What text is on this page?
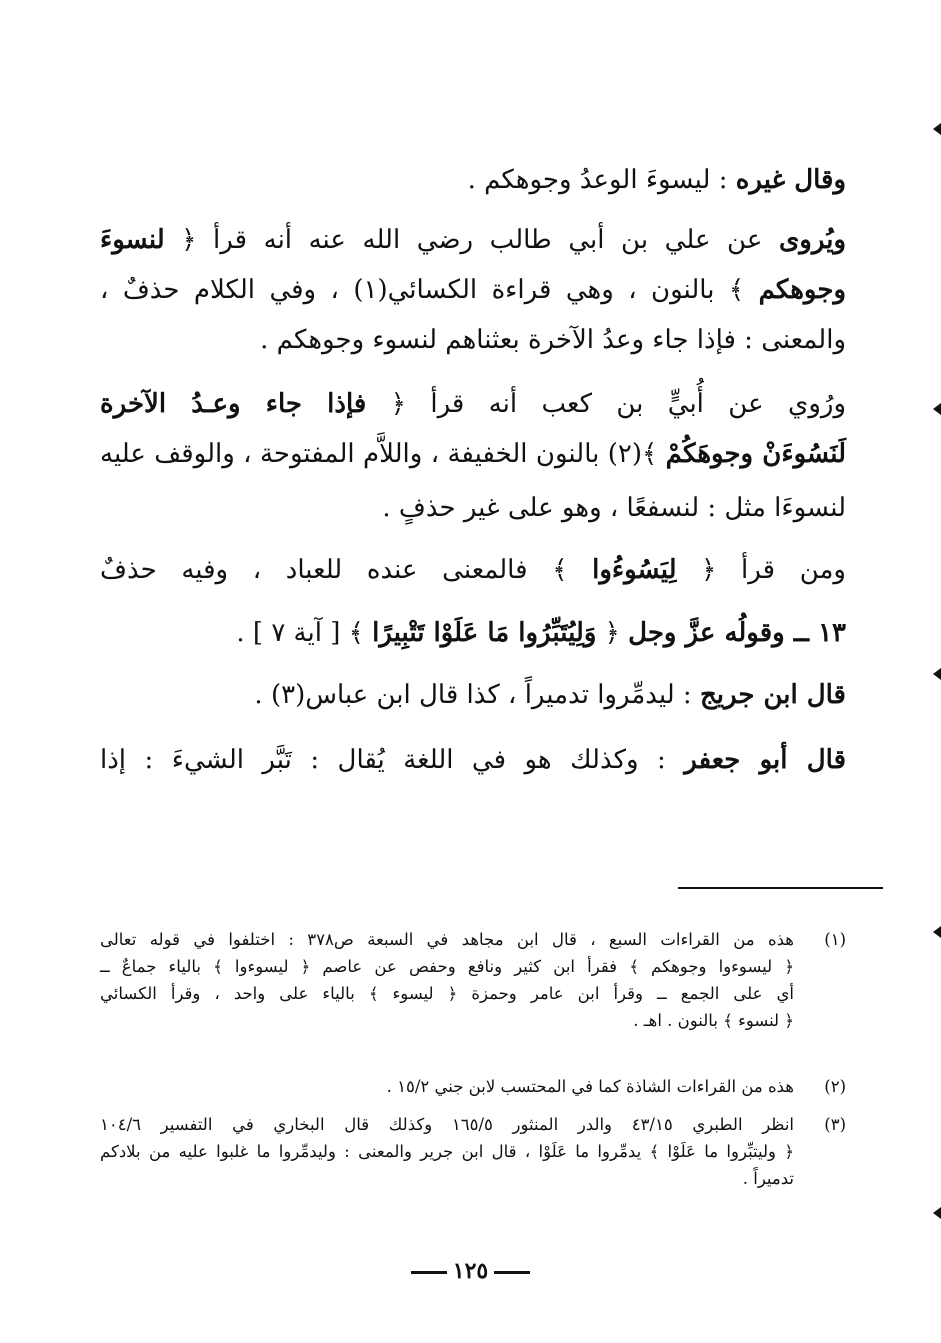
وقال غيره : ليسوءَ الوعدُ وجوهكم .
ويُروى عن علي بن أبي طالب رضي الله عنه أنه قرأ ﴿ لنسوءَ
وجوهكم ﴾ بالنون ، وهي قراءة الكسائي(١) ، وفي الكلام حذفٌ ،
والمعنى : فإذا جاء وعدُ الآخرة بعثناهم لنسوء وجوهكم .
ورُوي عن أُبيٍّ بن كعب أنه قرأ ﴿ فإذا جاء وعـدُ الآخرة
لَنَسُوءَنْ وجوهَكُمْ ﴾(٢) بالنون الخفيفة ، واللاَّم المفتوحة ، والوقف عليه
لنسوءَا مثل : لنسفعًا ، وهو على غير حذفٍ .
ومن قرأ ﴿ لِيَسُوءُوا ﴾ فالمعنى عنده للعباد ، وفيه حذفٌ
١٣ ــ وقولُه عزَّ وجل ﴿ وَلِيُتَبِّرُوا مَا عَلَوْا تَتْبِيرًا ﴾ [ آية ٧ ] .
قال ابن جريج : ليدمِّروا تدميراً ، كذا قال ابن عباس(٣) .
قال أبو جعفر : وكذلك هو في اللغة يُقال : تَبَّر الشيءَ : إذا
(١)
هذه من القراءات السبع ، قال ابن مجاهد في السبعة ص٣٧٨ : اختلفوا في قوله تعالى
﴿ ليسوءوا وجوهكم ﴾ فقرأ ابن كثير ونافع وحفص عن عاصم ﴿ ليسوءوا ﴾ بالياء جماعٌ ــ
أي على الجمع ــ وقرأ ابن عامر وحمزة ﴿ ليسوء ﴾ بالياء على واحد ، وقرأ الكسائي
﴿ لنسوء ﴾ بالنون . اهـ .
(٢)
هذه من القراءات الشاذة كما في المحتسب لابن جني ١٥/٢ .
(٣)
انظر الطبري ٤٣/١٥ والدر المنثور ١٦٥/٥ وكذلك قال البخاري في التفسير ١٠٤/٦
﴿ وليتبِّروا ما عَلَوْا ﴾ يدمِّروا ما عَلَوْا ، قال ابن جرير والمعنى : وليدمِّروا ما غلبوا عليه من بلادكم
تدميراً .
١٢٥
